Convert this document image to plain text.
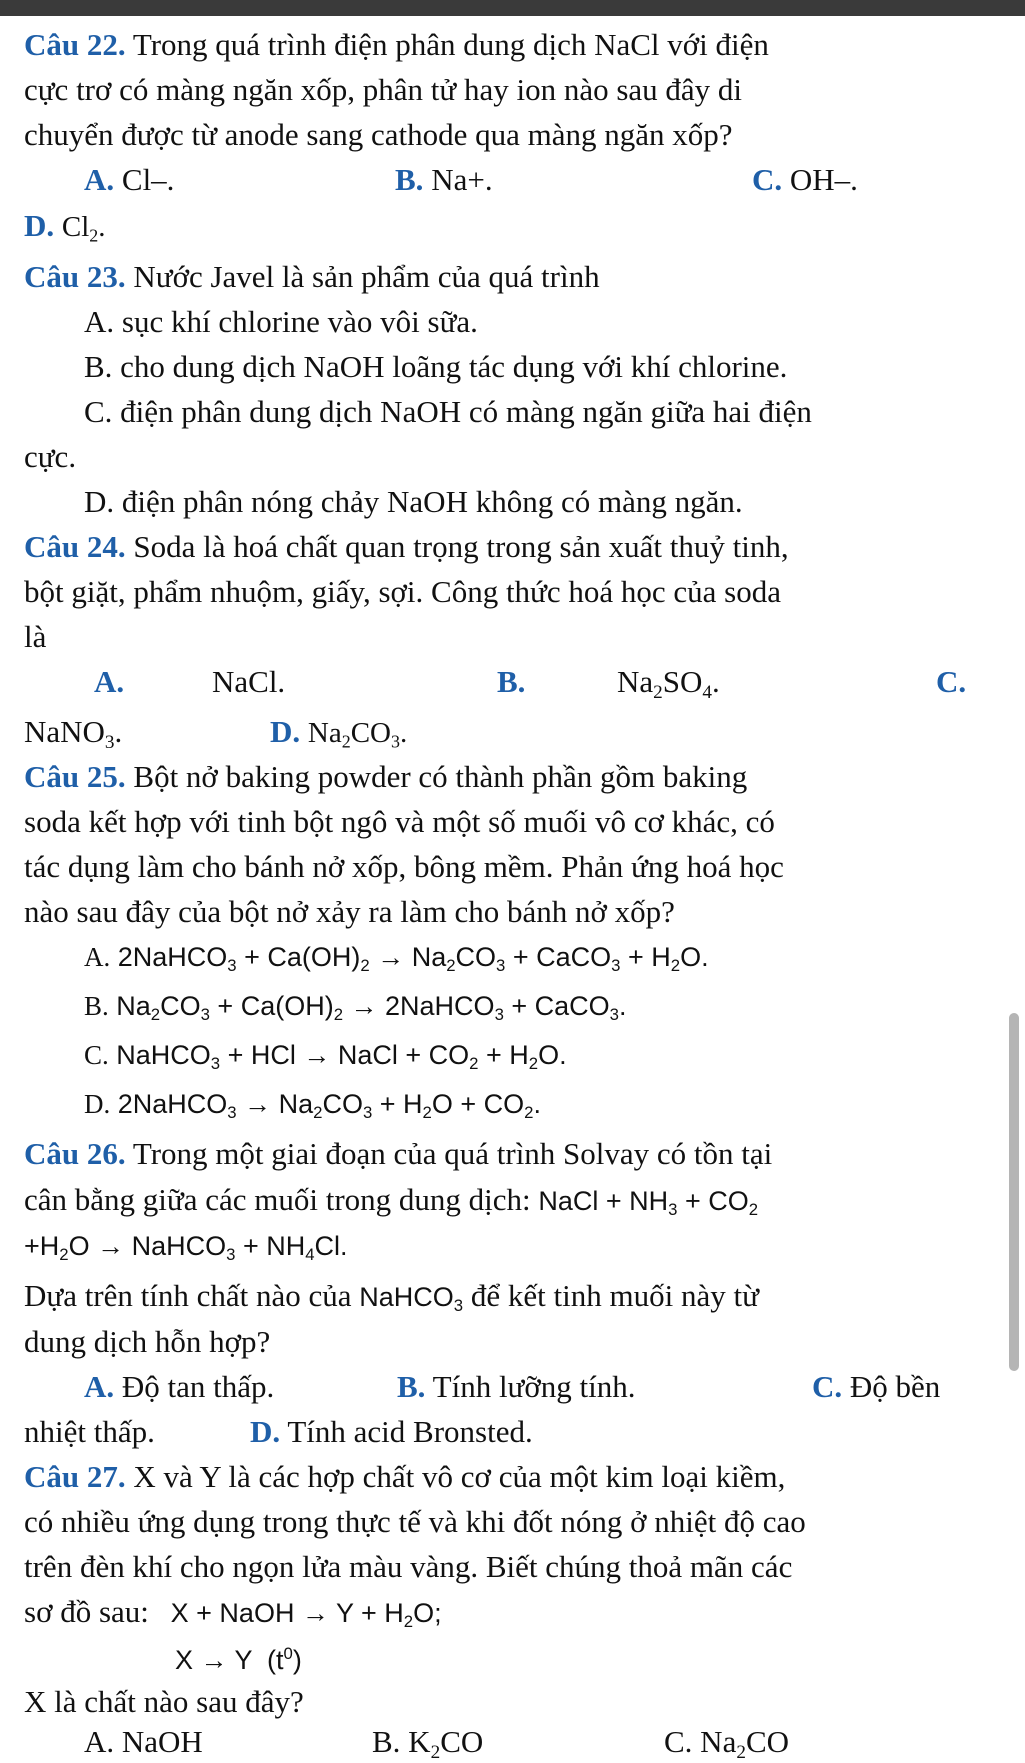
Câu 22. Trong quá trình điện phân dung dịch NaCl với điện
cực trơ có màng ngăn xốp, phân tử hay ion nào sau đây di
chuyển được từ anode sang cathode qua màng ngăn xốp?
A. Cl–.	B. Na+.	C. OH–.
D. $Cl_2$.
Câu 23. Nước Javel là sản phẩm của quá trình
A. sục khí chlorine vào vôi sữa.
B. cho dung dịch NaOH loãng tác dụng với khí chlorine.
C. điện phân dung dịch NaOH có màng ngăn giữa hai điện
cực.
D. điện phân nóng chảy NaOH không có màng ngăn.
Câu 24. Soda là hoá chất quan trọng trong sản xuất thuỷ tinh,
bột giặt, phẩm nhuộm, giấy, sợi. Công thức hoá học của soda
là
A.	NaCl.	B.	$Na_2SO_4$.	C.
NaNO$_3$.	D. $Na_2CO_3$.
Câu 25. Bột nở baking powder có thành phần gồm baking
soda kết hợp với tinh bột ngô và một số muối vô cơ khác, có
tác dụng làm cho bánh nở xốp, bông mềm. Phản ứng hoá học
nào sau đây của bột nở xảy ra làm cho bánh nở xốp?
A. 2NaHCO$_3$ + $Ca(OH)_2 \to Na_2CO_3$ + CaCO$_3$ + $H_2O$.
B. $Na_2CO_3 + Ca(OH)_2$ → 2NaHCO$_3$ + CaCO$_3$.
C. NaHCO$_3$ + HCl → NaCl + $CO_2 + H_2O$.
D. 2NaHCO$_3$ → $Na_2CO_3 + H_2O + CO_2$.
Câu 26. Trong một giai đoạn của quá trình Solvay có tồn tại
cân bằng giữa các muối trong dung dịch: NaCl + $NH_3 + CO_2$
$+H_2O$ → NaHCO$_3$ + $NH_4Cl$.
Dựa trên tính chất nào của NaHCO$_3$ để kết tinh muối này từ
dung dịch hỗn hợp?
A. Độ tan thấp.	B. Tính lưỡng tính.	C. Độ bền
nhiệt thấp.	D. Tính acid Bronsted.
Câu 27. X và Y là các hợp chất vô cơ của một kim loại kiềm,
có nhiều ứng dụng trong thực tế và khi đốt nóng ở nhiệt độ cao
trên đèn khí cho ngọn lửa màu vàng. Biết chúng thoả mãn các
sơ đồ sau: X + NaOH → $Y + H_2O$;
X → Y  $(t^0)$
X là chất nào sau đây?
A. NaOH	B. $K_2CO$	C. $Na_2CO$
